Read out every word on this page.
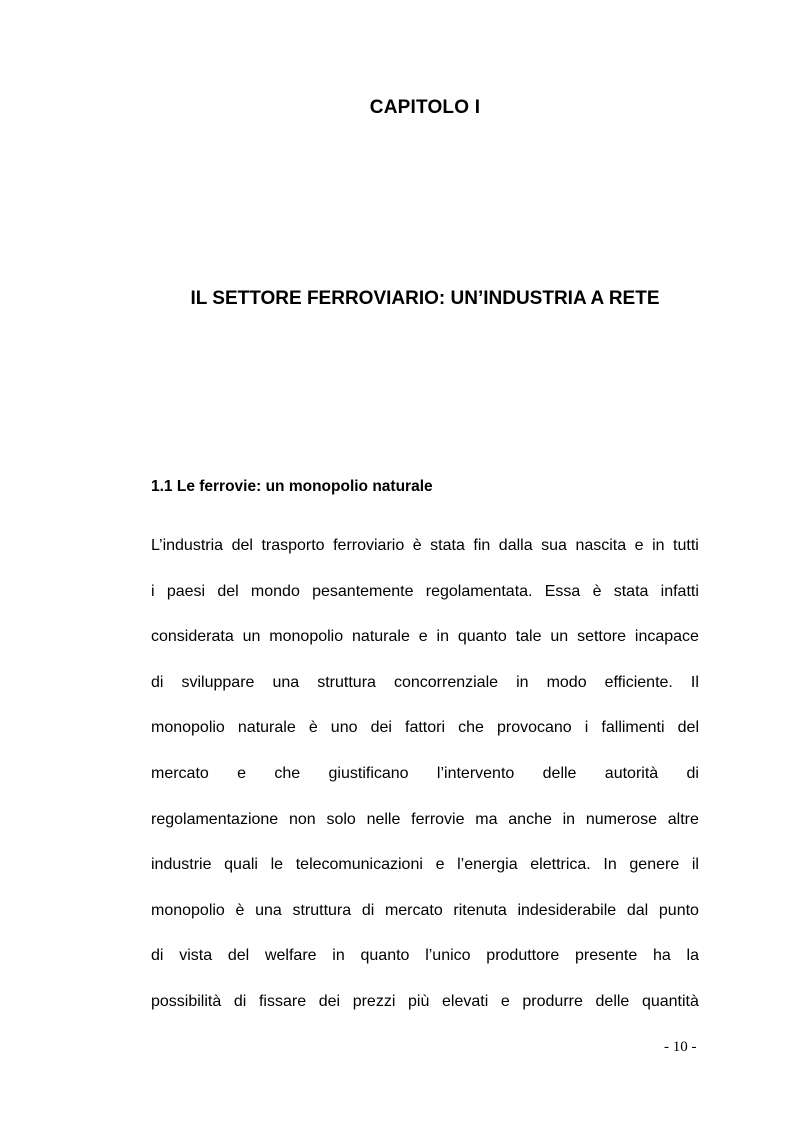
CAPITOLO I
IL SETTORE FERROVIARIO: UN’INDUSTRIA A RETE
1.1 Le ferrovie: un monopolio naturale
L’industria del trasporto ferroviario è stata fin dalla sua nascita e in tutti
i paesi del mondo pesantemente regolamentata. Essa è stata infatti
considerata un monopolio naturale e in quanto tale un settore incapace
di sviluppare una struttura concorrenziale in modo efficiente. Il
monopolio naturale è uno dei fattori che provocano i fallimenti del
mercato e che giustificano l’intervento delle autorità di
regolamentazione non solo nelle ferrovie ma anche in numerose altre
industrie quali le telecomunicazioni e l’energia elettrica. In genere il
monopolio è una struttura di mercato ritenuta indesiderabile dal punto
di vista del welfare in quanto l’unico produttore presente ha la
possibilità di fissare dei prezzi più elevati e produrre delle quantità
- 10 -
